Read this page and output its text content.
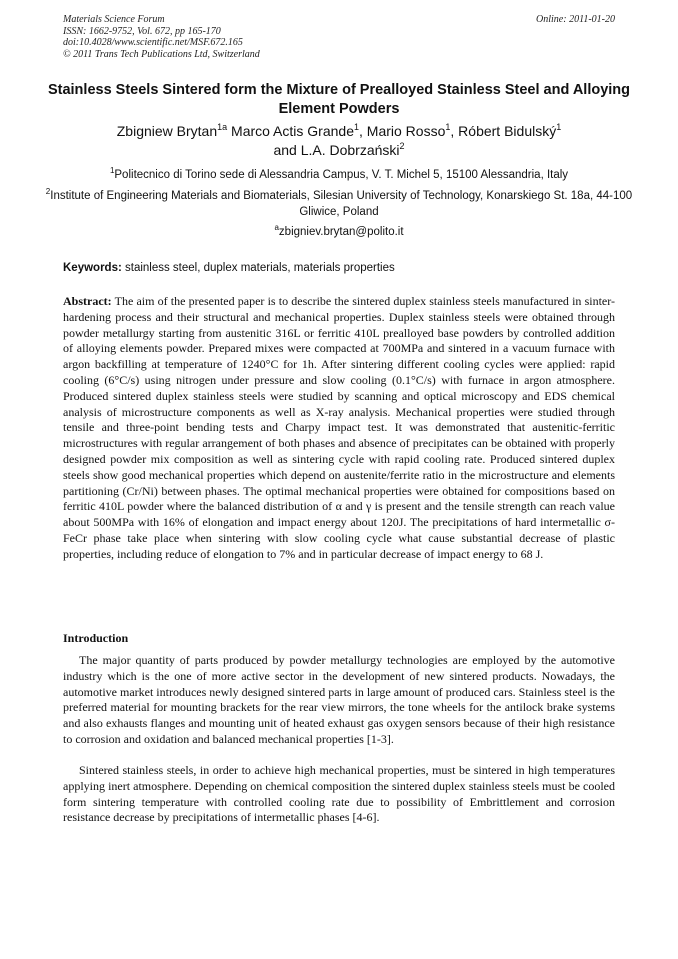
Materials Science Forum
ISSN: 1662-9752, Vol. 672, pp 165-170
doi:10.4028/www.scientific.net/MSF.672.165
© 2011 Trans Tech Publications Ltd, Switzerland
Online: 2011-01-20
Stainless Steels Sintered form the Mixture of Prealloyed Stainless Steel and Alloying Element Powders
Zbigniew Brytan$^{1a}$ Marco Actis Grande$^1$, Mario Rosso$^1$, Róbert Bidulský$^1$
and L.A. Dobrzański$^2$
$^1$Politecnico di Torino sede di Alessandria Campus, V. T. Michel 5, 15100 Alessandria, Italy
$^2$Institute of Engineering Materials and Biomaterials, Silesian University of Technology, Konarskiego St. 18a, 44-100 Gliwice, Poland
$^a$zbigniev.brytan@polito.it
Keywords: stainless steel, duplex materials, materials properties
Abstract: The aim of the presented paper is to describe the sintered duplex stainless steels manufactured in sinter-hardening process and their structural and mechanical properties. Duplex stainless steels were obtained through powder metallurgy starting from austenitic 316L or ferritic 410L prealloyed base powders by controlled addition of alloying elements powder. Prepared mixes were compacted at 700MPa and sintered in a vacuum furnace with argon backfilling at temperature of 1240°C for 1h. After sintering different cooling cycles were applied: rapid cooling (6°C/s) using nitrogen under pressure and slow cooling (0.1°C/s) with furnace in argon atmosphere. Produced sintered duplex stainless steels were studied by scanning and optical microscopy and EDS chemical analysis of microstructure components as well as X-ray analysis. Mechanical properties were studied through tensile and three-point bending tests and Charpy impact test. It was demonstrated that austenitic-ferritic microstructures with regular arrangement of both phases and absence of precipitates can be obtained with properly designed powder mix composition as well as sintering cycle with rapid cooling rate. Produced sintered duplex steels show good mechanical properties which depend on austenite/ferrite ratio in the microstructure and elements partitioning (Cr/Ni) between phases. The optimal mechanical properties were obtained for compositions based on ferritic 410L powder where the balanced distribution of α and γ is present and the tensile strength can reach value about 500MPa with 16% of elongation and impact energy about 120J. The precipitations of hard intermetallic σ-FeCr phase take place when sintering with slow cooling cycle what cause substantial decrease of plastic properties, including reduce of elongation to 7% and in particular decrease of impact energy to 68 J.
Introduction
The major quantity of parts produced by powder metallurgy technologies are employed by the automotive industry which is the one of more active sector in the development of new sintered products. Nowadays, the automotive market introduces newly designed sintered parts in large amount of produced cars. Stainless steel is the preferred material for mounting brackets for the rear view mirrors, the tone wheels for the antilock brake systems and also exhausts flanges and mounting unit of heated exhaust gas oxygen sensors because of their high resistance to corrosion and oxidation and balanced mechanical properties [1-3].
Sintered stainless steels, in order to achieve high mechanical properties, must be sintered in high temperatures applying inert atmosphere. Depending on chemical composition the sintered duplex stainless steels must be cooled form sintering temperature with controlled cooling rate due to possibility of Embrittlement and corrosion resistance decrease by precipitations of intermetallic phases [4-6].
